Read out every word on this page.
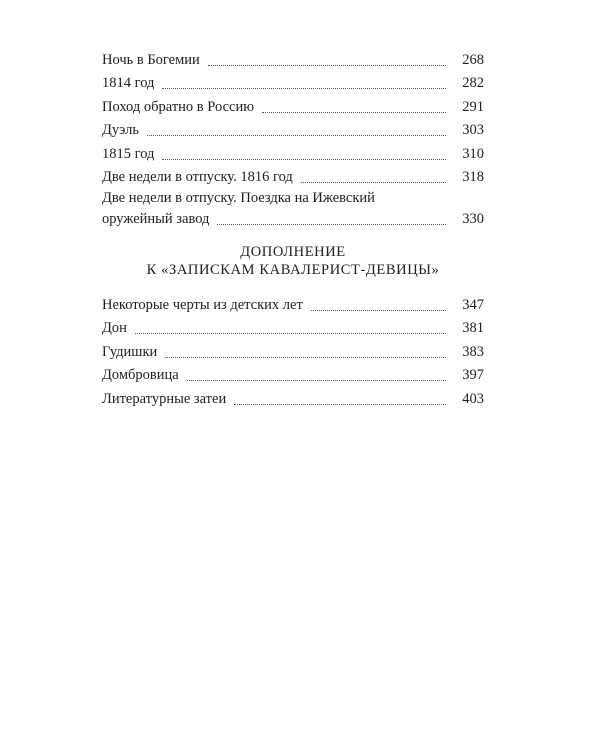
Ночь в Богемии	268
1814 год	282
Поход обратно в Россию	291
Дуэль	303
1815 год	310
Две недели в отпуску. 1816 год	318
Две недели в отпуску. Поездка на Ижевский
оружейный завод	330
ДОПОЛНЕНИЕ
К «ЗАПИСКАМ КАВАЛЕРИСТ-ДЕВИЦЫ»
Некоторые черты из детских лет	347
Дон	381
Гудишки	383
Домбровица	397
Литературные затеи	403
